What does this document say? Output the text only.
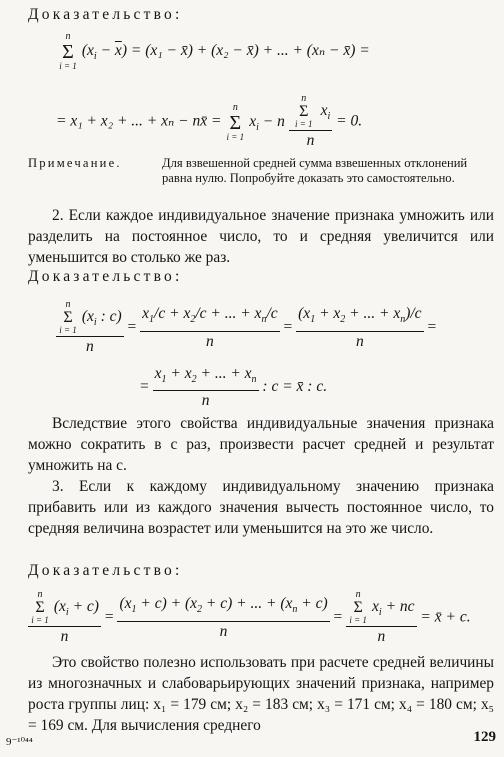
Доказательство:
n
Σ
i = 1
$(x_i - \overline{x}) = (x_1$ − x̄) + (x₂ − x̄) + ... + (xₙ − x̄) =
= x₁ + x₂ + ... + xₙ − nx̄ =
n
Σ
i = 1
$x_i - n$ n
Σ
i = 1
$x_i$
n = 0.
Примечание.	Для взвешенной средней сумма взвешенных отклонений равна нулю. Попробуйте доказать это самостоятельно.
2. Если каждое индивидуальное значение признака умножить или разделить на постоянное число, то и средняя увеличится или уменьшится во столько же раз.
Доказательство:
n
Σ
i = 1
($x_i$ : c)
$n = \frac{x_1/c + x_2/c + ... + x_n/c}{n} = \frac{(x_1 + x_2 + ... + x_n)/c}{n}$ =
= $\frac{x_1 + x_2 + ... + x_n}{n}$ : c = x̄ : c.
Вследствие этого свойства индивидуальные значения признака можно сократить в c раз, произвести расчет средней и результат умножить на c.
3. Если к каждому индивидуальному значению признака прибавить или из каждого значения вычесть постоянное число, то средняя величина возрастет или уменьшится на это же число.
Доказательство:
n
Σ
i = 1
$(x_i + c)$
$n = \frac{(x_1 + c) + (x_2 + c) + ... + (x_n + c)}{n} = n$
Σ
i = 1
$x_i$ + nc
n = x̄ + c.
Это свойство полезно использовать при расчете средней величины из многозначных и слабоварьирующих значений признака, например роста группы лиц: x₁ = 179 см; x₂ = 183 см; x₃ = 171 см; x₄ = 180 см; x₅ = 169 см. Для вычисления среднего
9⁻¹⁰⁴⁴	129
